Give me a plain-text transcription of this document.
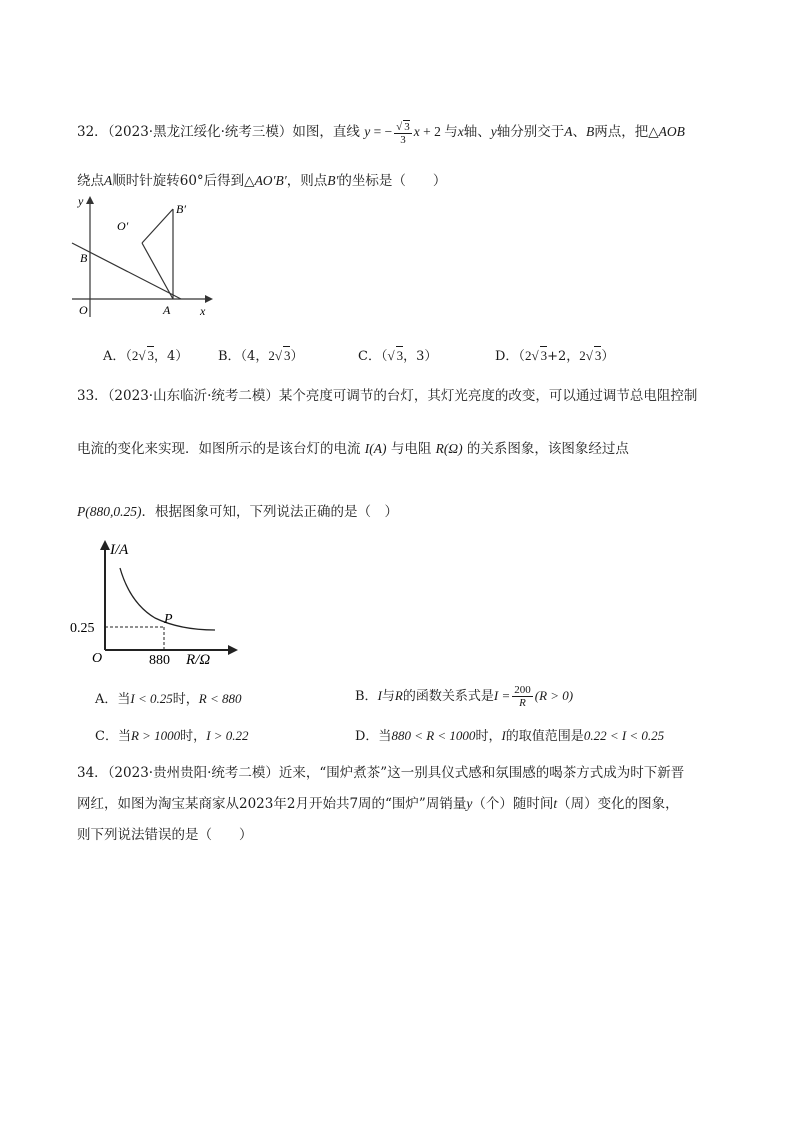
32．（2023·黑龙江绥化·统考三模）如图，直线 y = − $\frac{√ 3}{3}$ x + 2 与x轴、y轴分别交于A、B两点，把△AOB
绕点A顺时针旋转60°后得到△AO′B′，则点B′的坐标是（　　）
y
x
O	A
B
O′
B′
A．（2√ 3，4） B．（4，2√ 3）	C．（√ 3，3）	D．（2√ 3+2，2√ 3）
33．（2023·山东临沂·统考二模）某个亮度可调节的台灯，其灯光亮度的改变，可以通过调节总电阻控制
电流的变化来实现．如图所示的是该台灯的电流 I(A) 与电阻 R(Ω) 的关系图象，该图象经过点
P(880,0.25)．根据图象可知，下列说法正确的是（　）
I/A
R/Ω
O
P
0.25
880
A．当I < 0.25时，R < 880	B．I与R的函数关系式是$I = \frac{200}{R} (R > 0)$
C．当R > 1000时，I > 0.22	D．当880 < R < 1000时，I的取值范围是0.22 < I < 0.25
34．（2023·贵州贵阳·统考二模）近来，“围炉煮茶”这一别具仪式感和氛围感的喝茶方式成为时下新晋
网红，如图为淘宝某商家从2023年2月开始共7周的“围炉”周销量y（个）随时间t（周）变化的图象，
则下列说法错误的是（　　）
